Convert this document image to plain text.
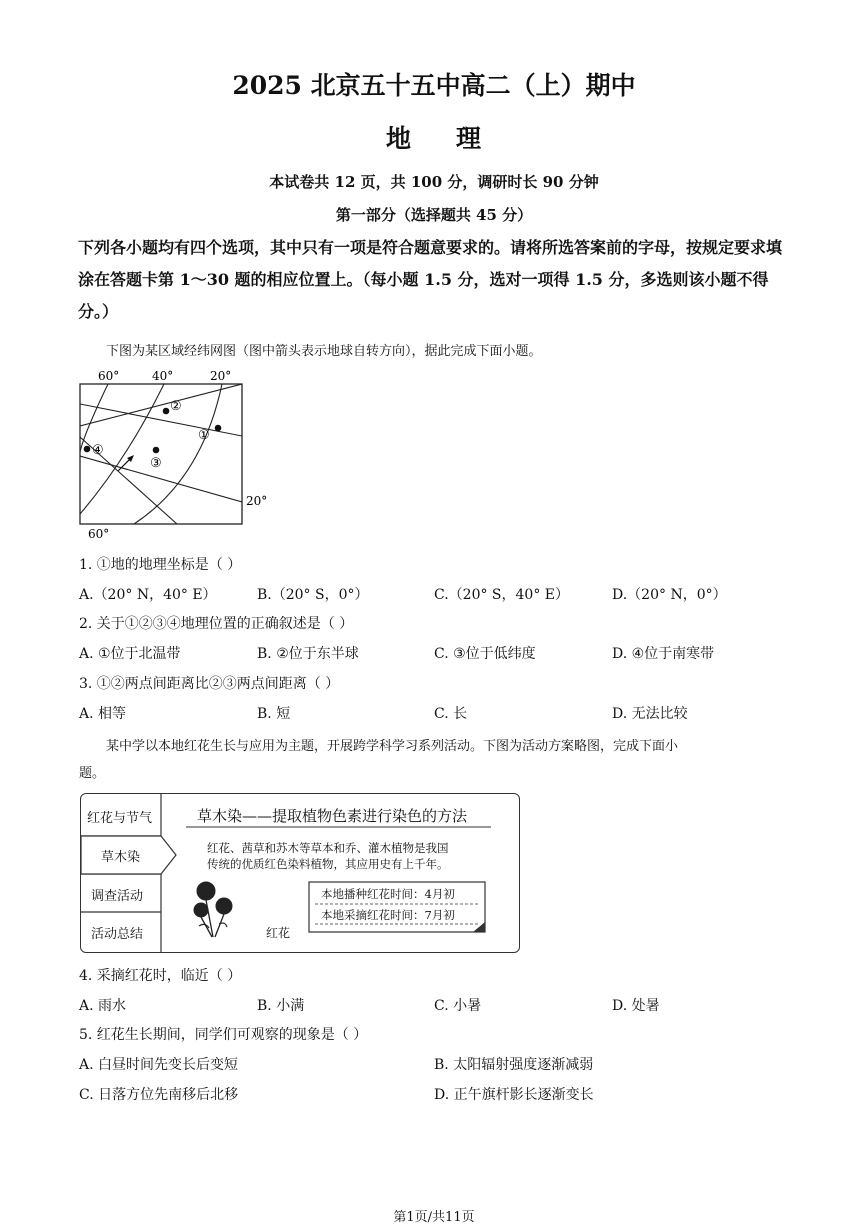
2025 北京五十五中高二（上）期中
地 理
本试卷共 12 页，共 100 分，调研时长 90 分钟
第一部分（选择题共 45 分）
下列各小题均有四个选项，其中只有一项是符合题意要求的。请将所选答案前的字母，按规定要求填涂在答题卡第 1～30 题的相应位置上。（每小题 1.5 分，选对一项得 1.5 分，多选则该小题不得分。）
下图为某区域经纬网图（图中箭头表示地球自转方向），据此完成下面小题。
②
①
③
④
60°	40°	20°
20°
60°
1. ①地的地理坐标是（ ）
A.（20° N，40° E）	B.（20° S，0°）	C.（20° S，40° E）	D.（20° N，0°）
2. 关于①②③④地理位置的正确叙述是（ ）
A. ①位于北温带	B. ②位于东半球	C. ③位于低纬度	D. ④位于南寒带
3. ①②两点间距离比②③两点间距离（ ）
A. 相等	B. 短	C. 长	D. 无法比较
某中学以本地红花生长与应用为主题，开展跨学科学习系列活动。下图为活动方案略图，完成下面小
题。
红花与节气
草木染
调查活动
活动总结
草木染——提取植物色素进行染色的方法
红花、茜草和苏木等草本和乔、灌木植物是我国
传统的优质红色染料植物，其应用史有上千年。
本地播种红花时间：4月初
本地采摘红花时间：7月初
红花
4. 采摘红花时，临近（ ）
A. 雨水	B. 小满	C. 小暑	D. 处暑
5. 红花生长期间，同学们可观察的现象是（ ）
A. 白昼时间先变长后变短	B. 太阳辐射强度逐渐减弱
C. 日落方位先南移后北移	D. 正午旗杆影长逐渐变长
第1页/共11页
